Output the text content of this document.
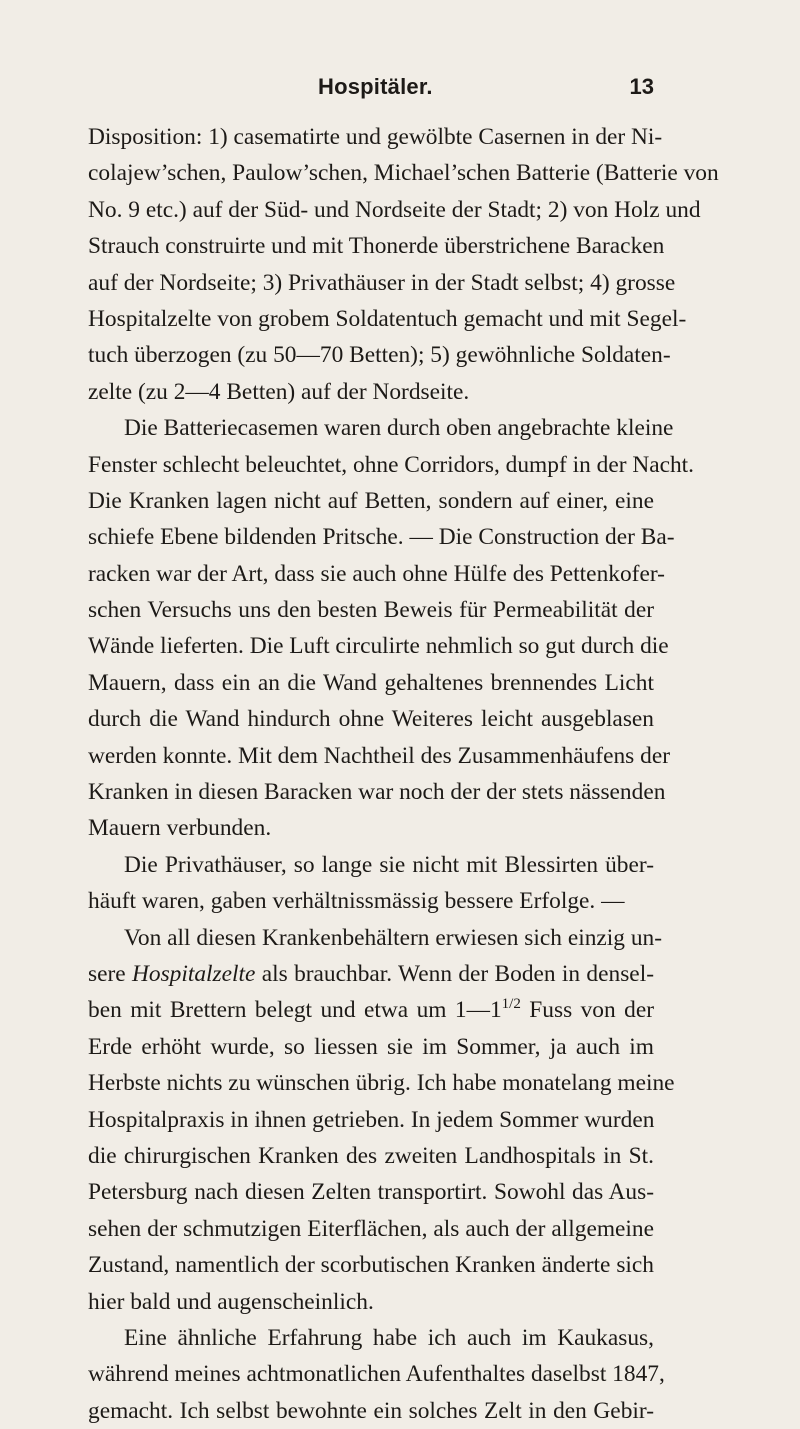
Hospitäler.	13
Disposition: 1) casematirte und gewölbte Casernen in der Ni-
colajew’schen, Paulow’schen, Michael’schen Batterie (Batterie von
No. 9 etc.) auf der Süd- und Nordseite der Stadt; 2) von Holz und
Strauch construirte und mit Thonerde überstrichene Baracken
auf der Nordseite; 3) Privathäuser in der Stadt selbst; 4) grosse
Hospitalzelte von grobem Soldatentuch gemacht und mit Segel-
tuch überzogen (zu 50—70 Betten); 5) gewöhnliche Soldaten-
zelte (zu 2—4 Betten) auf der Nordseite.
Die Batteriecasemen waren durch oben angebrachte kleine
Fenster schlecht beleuchtet, ohne Corridors, dumpf in der Nacht.
Die Kranken lagen nicht auf Betten, sondern auf einer, eine
schiefe Ebene bildenden Pritsche. — Die Construction der Ba-
racken war der Art, dass sie auch ohne Hülfe des Pettenkofer-
schen Versuchs uns den besten Beweis für Permeabilität der
Wände lieferten. Die Luft circulirte nehmlich so gut durch die
Mauern, dass ein an die Wand gehaltenes brennendes Licht
durch die Wand hindurch ohne Weiteres leicht ausgeblasen
werden konnte. Mit dem Nachtheil des Zusammenhäufens der
Kranken in diesen Baracken war noch der der stets nässenden
Mauern verbunden.
Die Privathäuser, so lange sie nicht mit Blessirten über-
häuft waren, gaben verhältnissmässig bessere Erfolge. —
Von all diesen Krankenbehältern erwiesen sich einzig un-
sere Hospitalzelte als brauchbar. Wenn der Boden in densel-
ben mit Brettern belegt und etwa um $1—1^{1/2}$ Fuss von der
Erde erhöht wurde, so liessen sie im Sommer, ja auch im
Herbste nichts zu wünschen übrig. Ich habe monatelang meine
Hospitalpraxis in ihnen getrieben. In jedem Sommer wurden
die chirurgischen Kranken des zweiten Landhospitals in St.
Petersburg nach diesen Zelten transportirt. Sowohl das Aus-
sehen der schmutzigen Eiterflächen, als auch der allgemeine
Zustand, namentlich der scorbutischen Kranken änderte sich
hier bald und augenscheinlich.
Eine ähnliche Erfahrung habe ich auch im Kaukasus,
während meines achtmonatlichen Aufenthaltes daselbst 1847,
gemacht. Ich selbst bewohnte ein solches Zelt in den Gebir-
